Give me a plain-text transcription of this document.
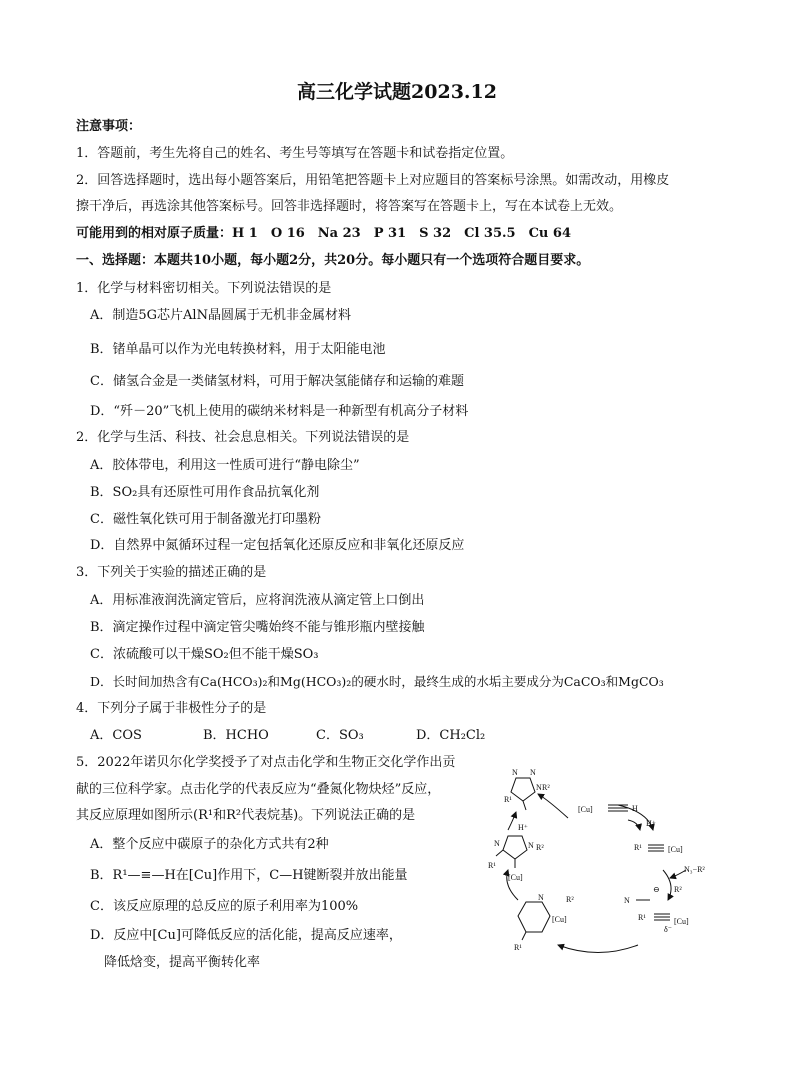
高三化学试题2023.12
注意事项：
1．答题前，考生先将自己的姓名、考生号等填写在答题卡和试卷指定位置。
2．回答选择题时，选出每小题答案后，用铅笔把答题卡上对应题目的答案标号涂黑。如需改动，用橡皮
擦干净后，再选涂其他答案标号。回答非选择题时，将答案写在答题卡上，写在本试卷上无效。
可能用到的相对原子质量：H 1　O 16　Na 23　P 31　S 32　Cl 35.5　Cu 64
一、选择题：本题共10小题，每小题2分，共20分。每小题只有一个选项符合题目要求。
1．化学与材料密切相关。下列说法错误的是
A．制造5G芯片AlN晶圆属于无机非金属材料
B．锗单晶可以作为光电转换材料，用于太阳能电池
C．储氢合金是一类储氢材料，可用于解决氢能储存和运输的难题
D．“歼－20”飞机上使用的碳纳米材料是一种新型有机高分子材料
2．化学与生活、科技、社会息息相关。下列说法错误的是
A．胶体带电，利用这一性质可进行“静电除尘”
B．SO₂具有还原性可用作食品抗氧化剂
C．磁性氧化铁可用于制备激光打印墨粉
D．自然界中氮循环过程一定包括氧化还原反应和非氧化还原反应
3．下列关于实验的描述正确的是
A．用标准液润洗滴定管后，应将润洗液从滴定管上口倒出
B．滴定操作过程中滴定管尖嘴始终不能与锥形瓶内壁接触
C．浓硫酸可以干燥SO₂但不能干燥SO₃
D．长时间加热含有Ca(HCO₃)₂和Mg(HCO₃)₂的硬水时，最终生成的水垢主要成分为CaCO₃和MgCO₃
4．下列分子属于非极性分子的是
A．COS	B．HCHO	C．SO₃	D．CH₂Cl₂
5．2022年诺贝尔化学奖授予了对点击化学和生物正交化学作出贡
献的三位科学家。点击化学的代表反应为“叠氮化物炔烃”反应，
其反应原理如图所示(R¹和R²代表烷基)。下列说法正确的是
A．整个反应中碳原子的杂化方式共有2种
B．R¹—≡—H在[Cu]作用下，C—H键断裂并放出能量
C．该反应原理的总反应的原子利用率为100%
D．反应中[Cu]可降低反应的活化能，提高反应速率，
降低焓变，提高平衡转化率
N N
N R²
R¹
H⁺
[Cu]	H
H⁺
N	N R²
R¹
[Cu]
R¹	[Cu]
N₃−R²
N	R²
[Cu]
R¹
N
⊖ R²
R¹	[Cu]
δ⁻
